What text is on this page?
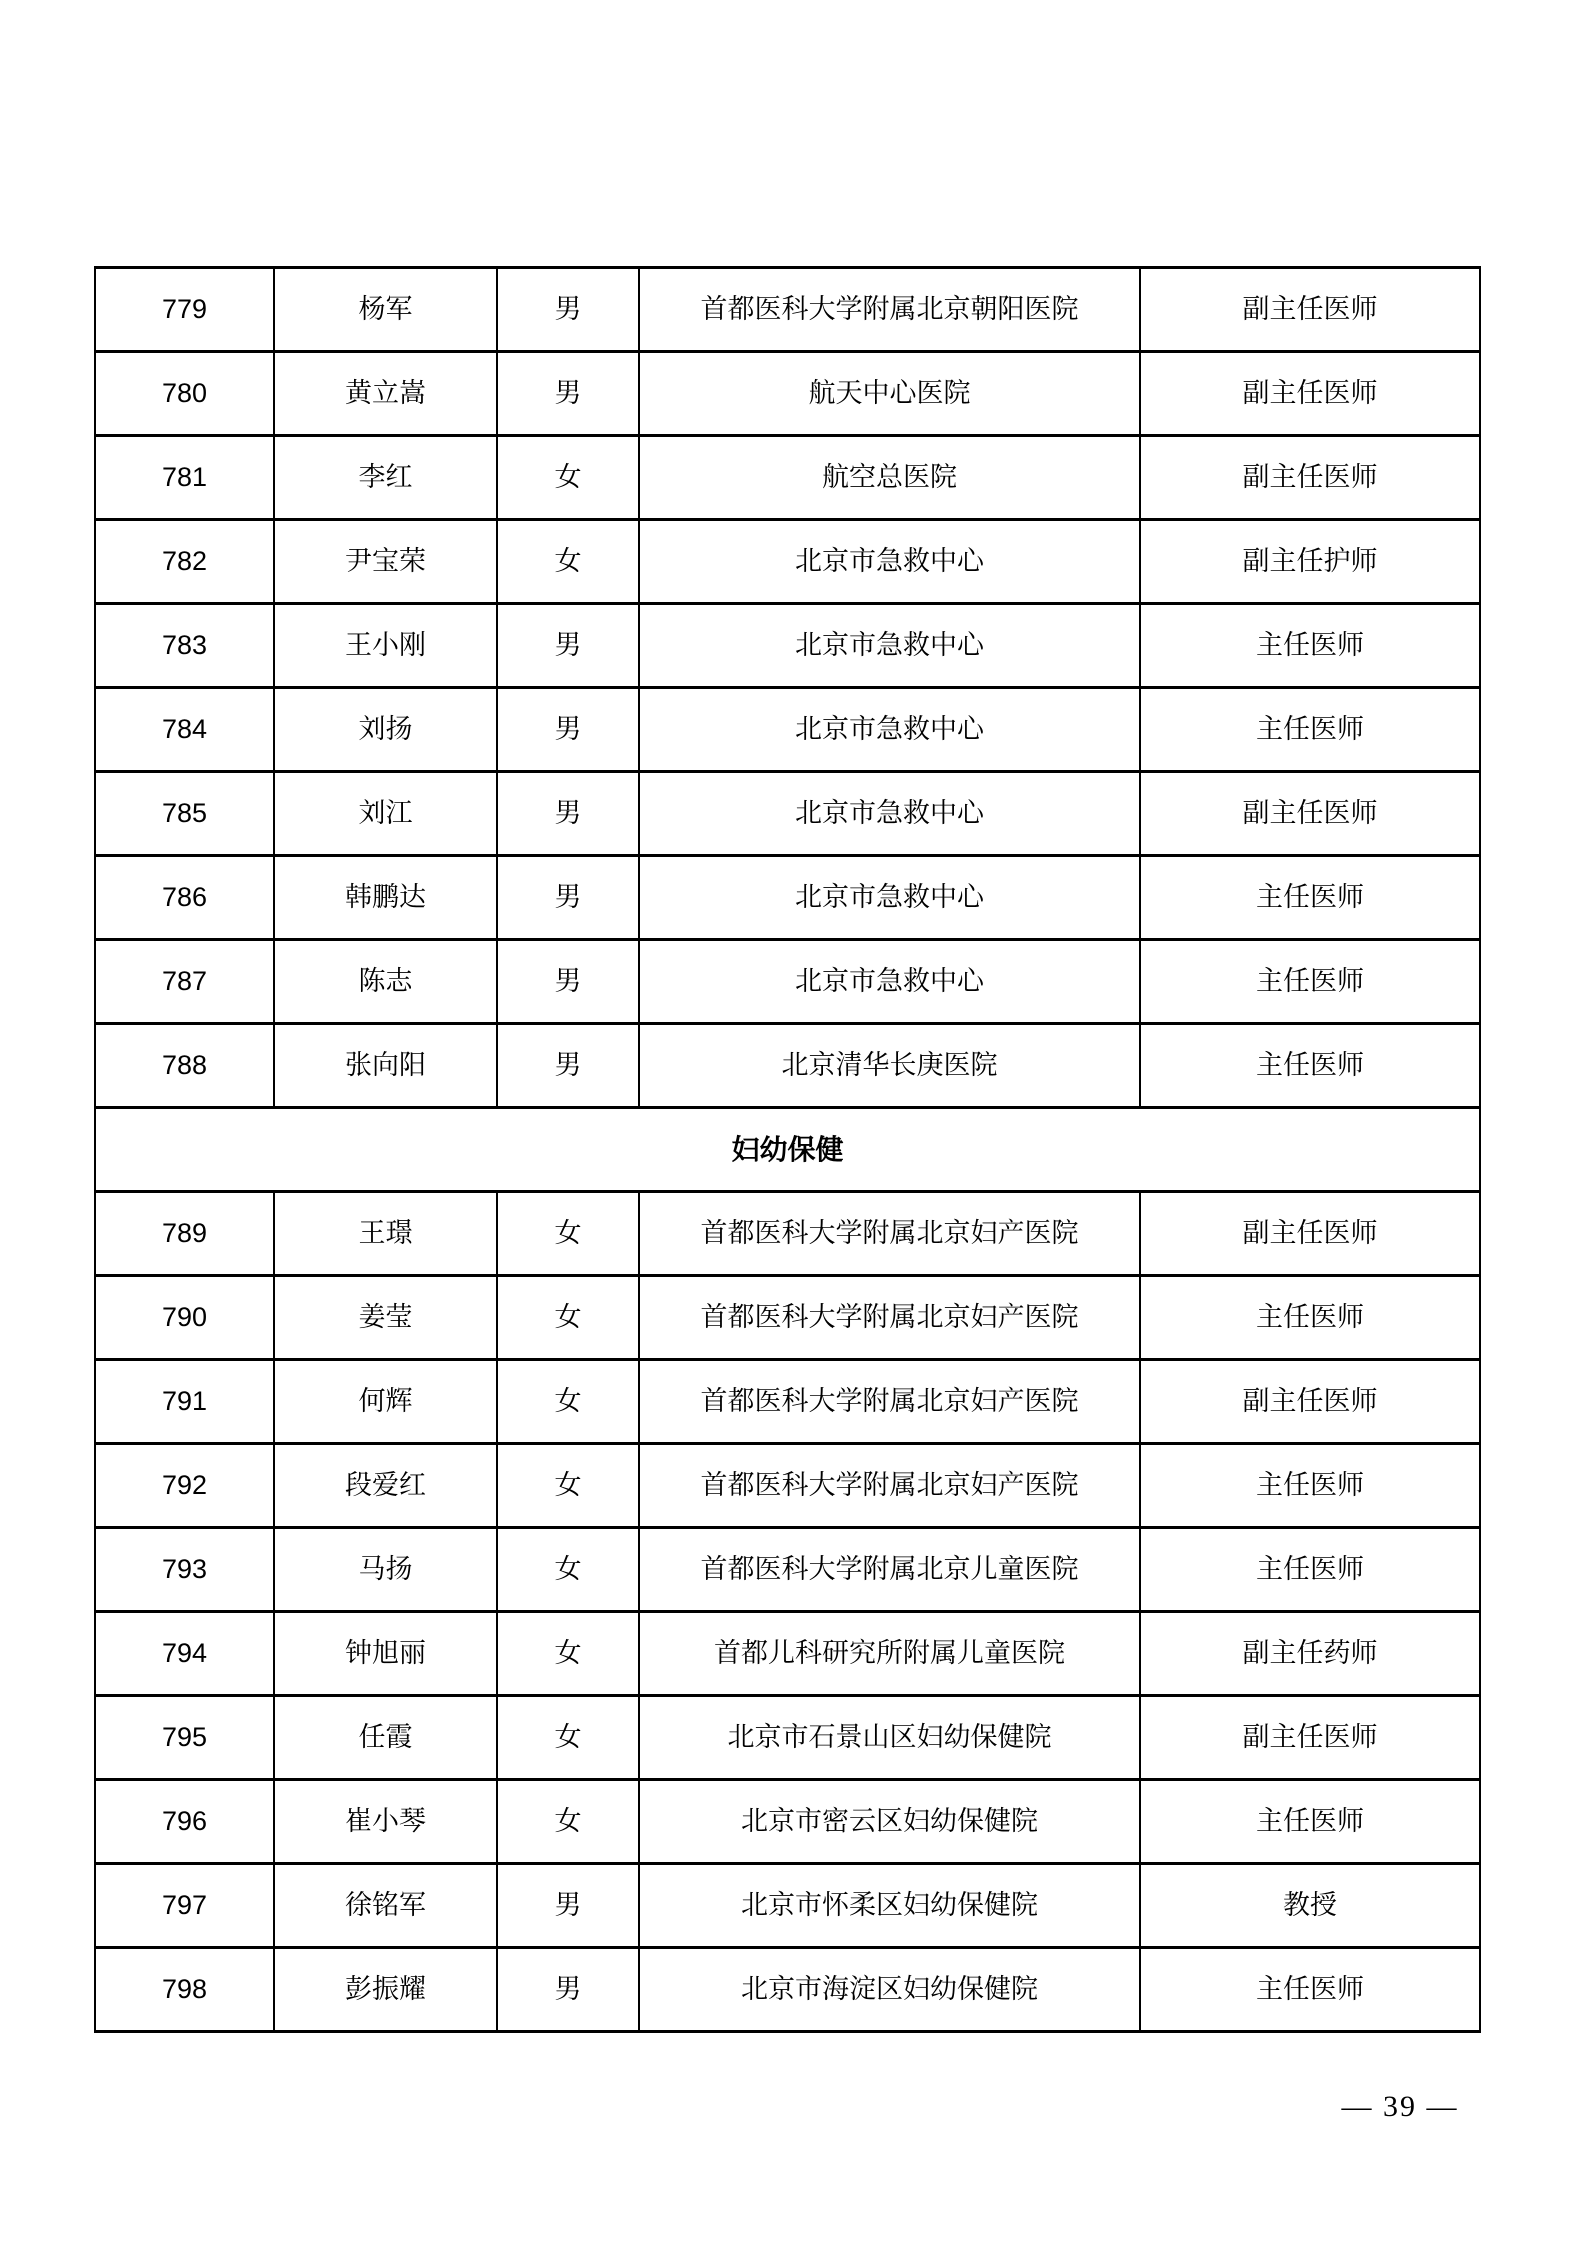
779	杨军	男	首都医科大学附属北京朝阳医院	副主任医师
780	黄立嵩	男	航天中心医院	副主任医师
781	李红	女	航空总医院	副主任医师
782	尹宝荣	女	北京市急救中心	副主任护师
783	王小刚	男	北京市急救中心	主任医师
784	刘扬	男	北京市急救中心	主任医师
785	刘江	男	北京市急救中心	副主任医师
786	韩鹏达	男	北京市急救中心	主任医师
787	陈志	男	北京市急救中心	主任医师
788	张向阳	男	北京清华长庚医院	主任医师
妇幼保健				
789	王璟	女	首都医科大学附属北京妇产医院	副主任医师
790	姜莹	女	首都医科大学附属北京妇产医院	主任医师
791	何辉	女	首都医科大学附属北京妇产医院	副主任医师
792	段爱红	女	首都医科大学附属北京妇产医院	主任医师
793	马扬	女	首都医科大学附属北京儿童医院	主任医师
794	钟旭丽	女	首都儿科研究所附属儿童医院	副主任药师
795	任霞	女	北京市石景山区妇幼保健院	副主任医师
796	崔小琴	女	北京市密云区妇幼保健院	主任医师
797	徐铭军	男	北京市怀柔区妇幼保健院	教授
798	彭振耀	男	北京市海淀区妇幼保健院	主任医师
— 39 —
